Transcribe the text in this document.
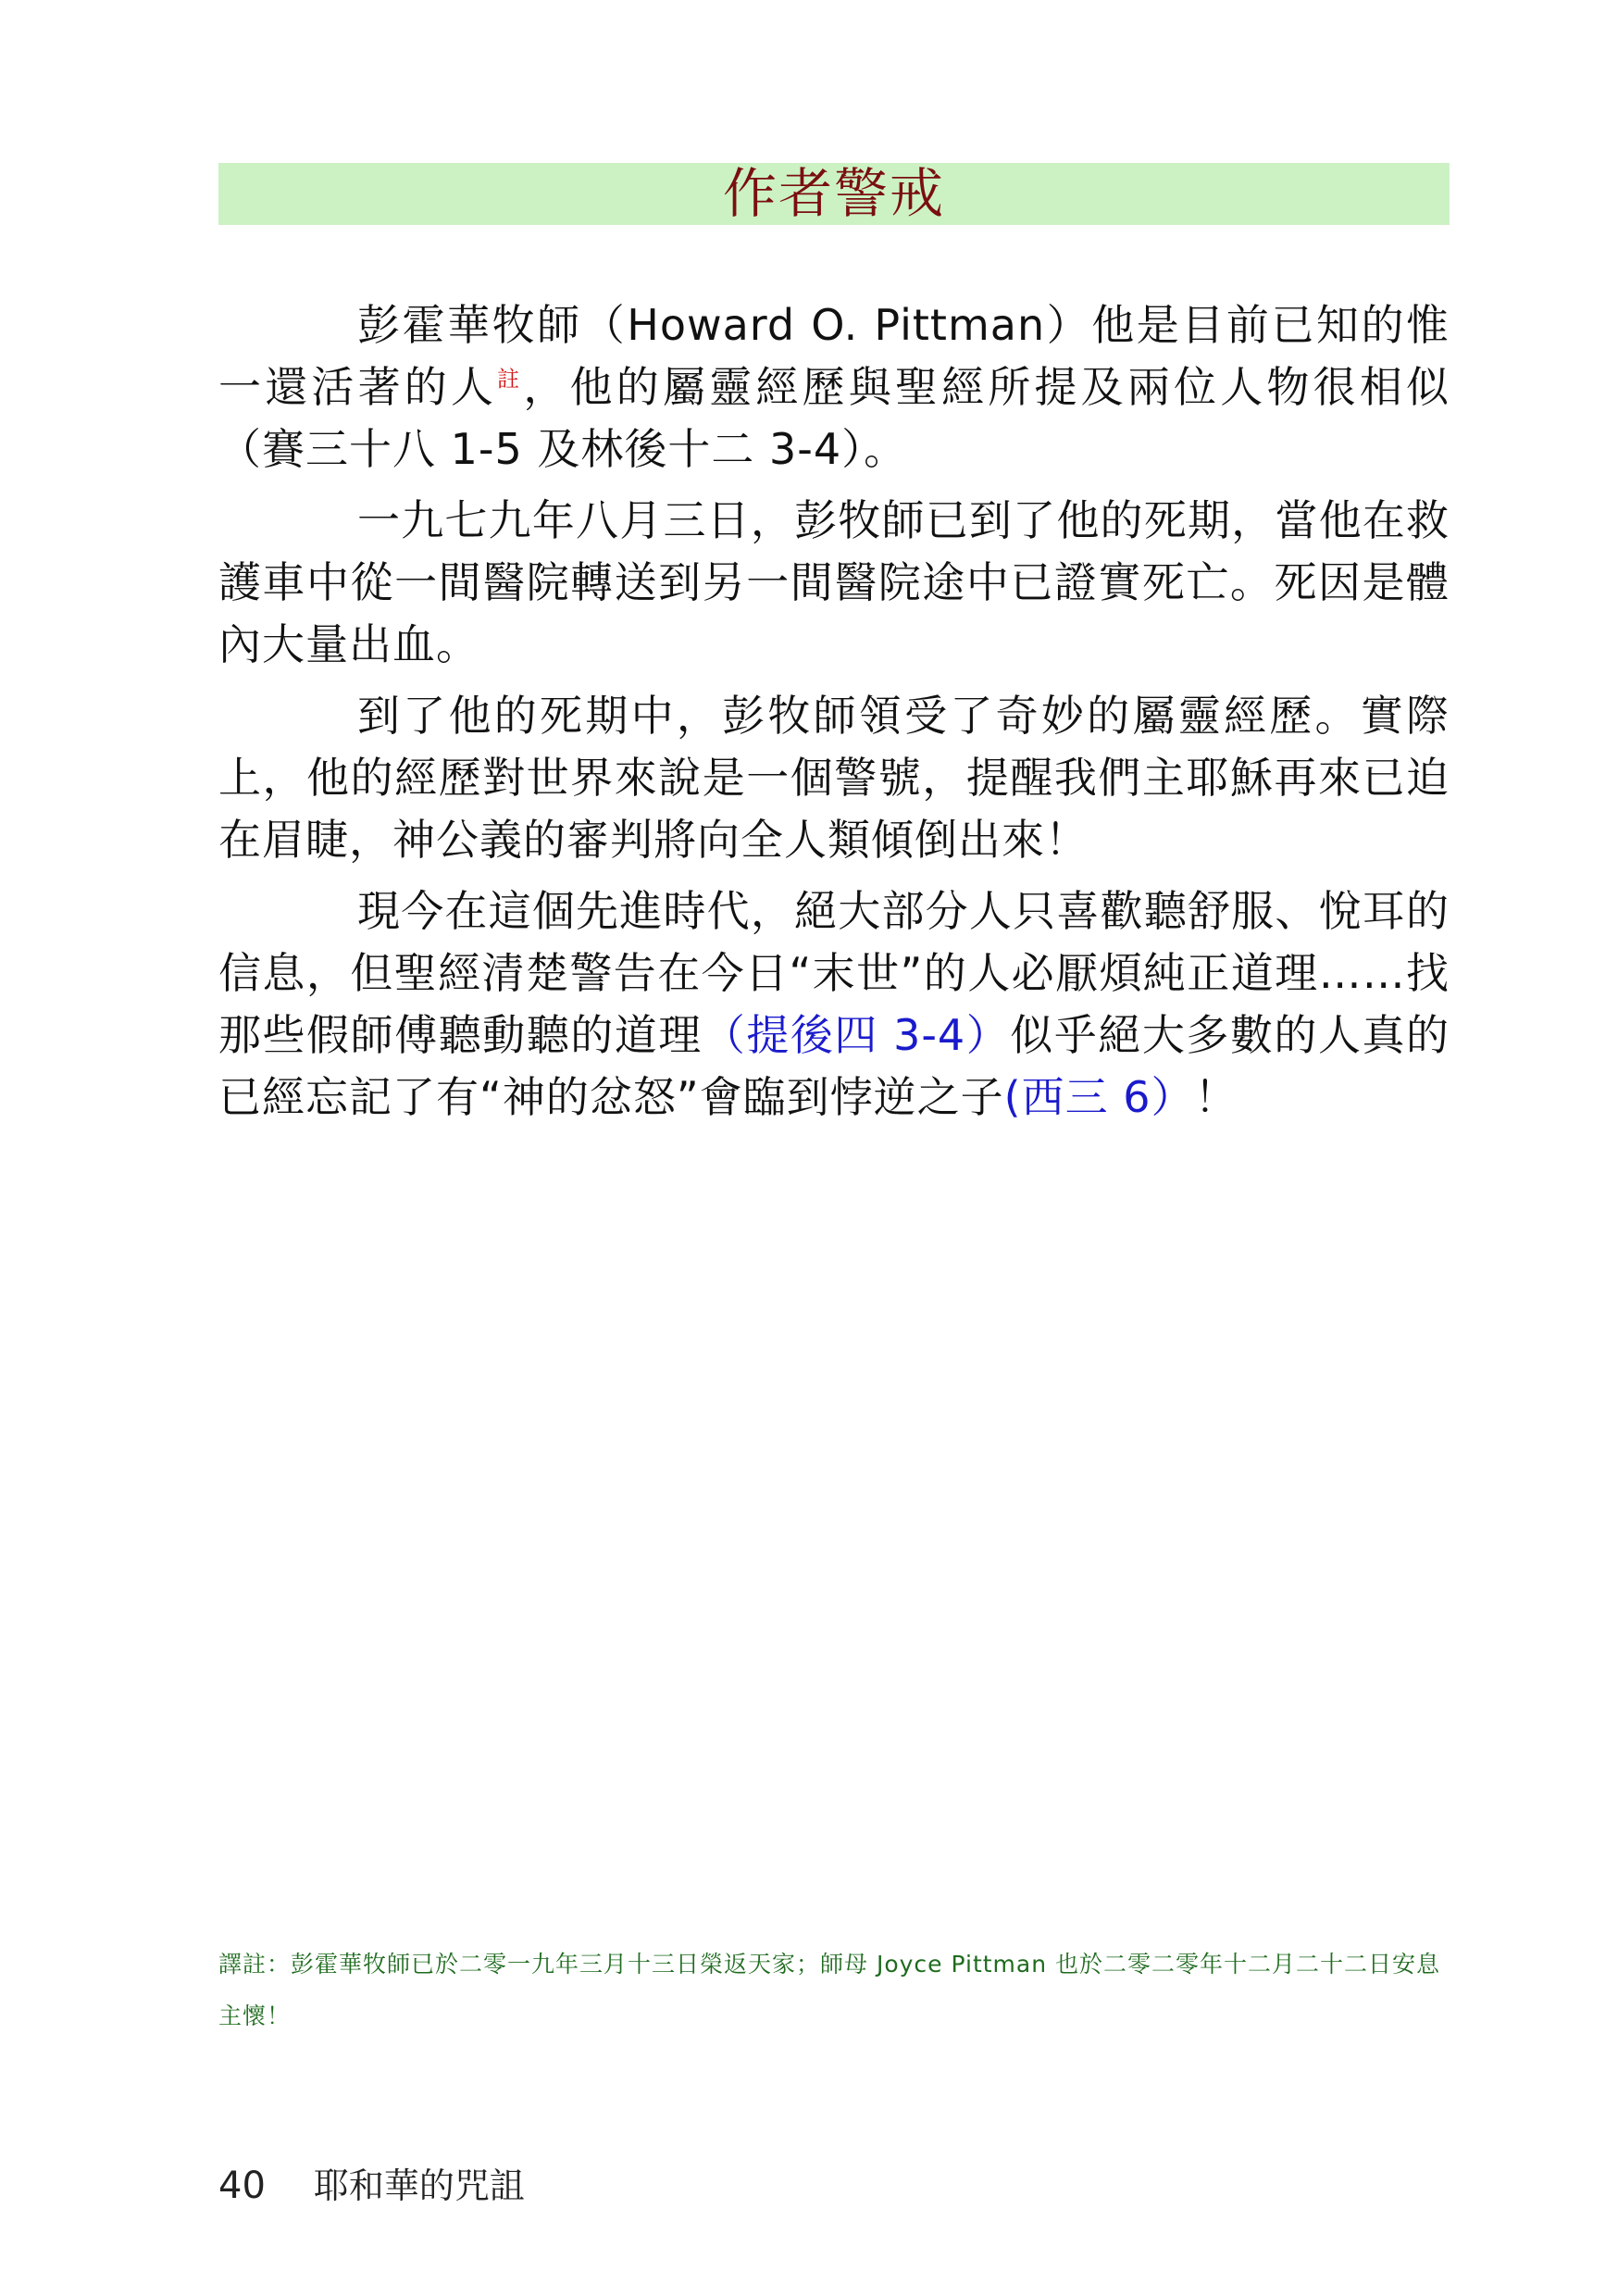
作者警戒

彭霍華牧師（Howard O. Pittman）他是目前已知的惟一還活著的人$^註$，他的屬靈經歷與聖經所提及兩位人物很相似（賽三十八 1-5 及林後十二 3-4）。

一九七九年八月三日，彭牧師已到了他的死期，當他在救護車中從一間醫院轉送到另一間醫院途中已證實死亡。死因是體內大量出血。

到了他的死期中，彭牧師領受了奇妙的屬靈經歷。實際上，他的經歷對世界來說是一個警號，提醒我們主耶穌再來已迫在眉睫，神公義的審判將向全人類傾倒出來！

現今在這個先進時代，絕大部分人只喜歡聽舒服、悅耳的信息，但聖經清楚警告在今日“末世”的人必厭煩純正道理……找那些假師傅聽動聽的道理（提後四 3-4）似乎絕大多數的人真的已經忘記了有“神的忿怒”會臨到悖逆之子(西三 6）！

譯註：彭霍華牧師已於二零一九年三月十三日榮返天家；師母 Joyce Pittman 也於二零二零年十二月二十二日安息主懷！
40 耶和華的咒詛
